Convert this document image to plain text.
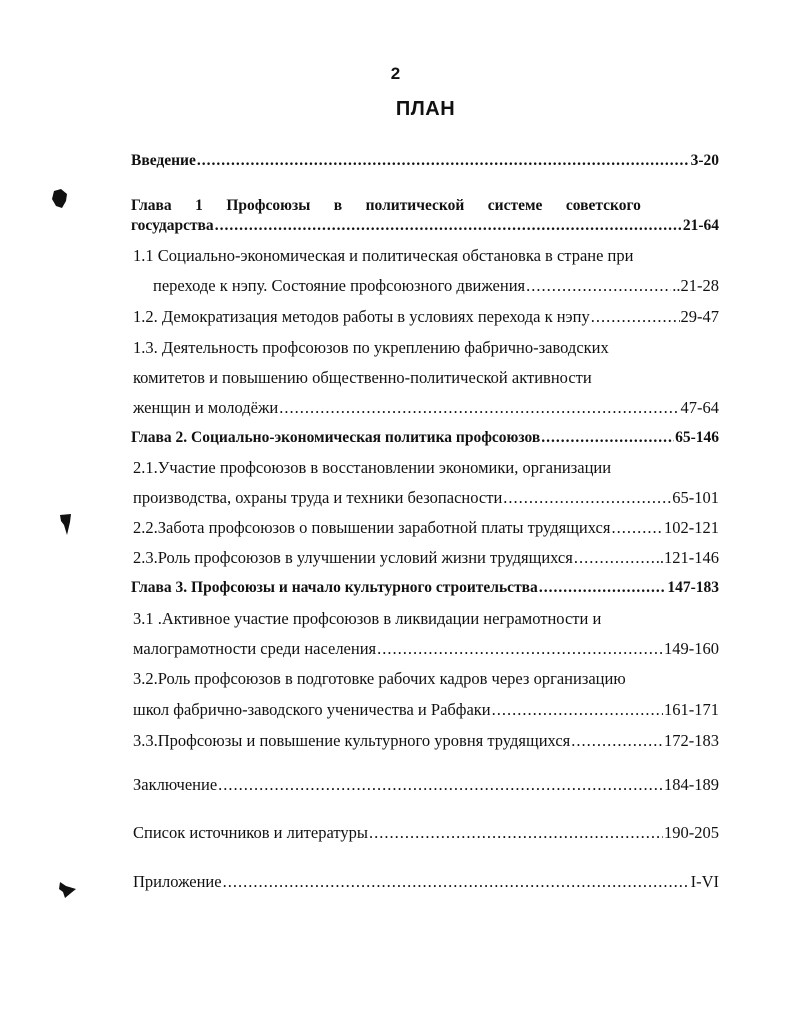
2
ПЛАН
Введение .....	3-20
Глава 1 Профсоюзы в политической системе советского
государства .....	21-64
1.1 Социально-экономическая и политическая обстановка в стране при
переходе к нэпу. Состояние профсоюзного движения .....	..21-28
1.2. Демократизация методов работы в условиях перехода к нэпу .....	29-47
1.3. Деятельность профсоюзов по укреплению фабрично-заводских
комитетов и повышению общественно-политической активности
женщин и молодёжи .....	47-64
Глава 2. Социально-экономическая политика профсоюзов .....	65-146
2.1.Участие профсоюзов в восстановлении экономики, организации
производства, охраны труда и техники безопасности .....	65-101
2.2.Забота профсоюзов о повышении заработной платы трудящихся .....	102-121
2.3.Роль профсоюзов в улучшении условий жизни трудящихся .....	..121-146
Глава 3. Профсоюзы и начало культурного строительства .....	147-183
3.1 .Активное участие профсоюзов в ликвидации неграмотности и
малограмотности среди населения .....	149-160
3.2.Роль профсоюзов в подготовке рабочих кадров через организацию
школ фабрично-заводского ученичества и Рабфаки .....	161-171
3.3.Профсоюзы и повышение культурного уровня трудящихся .....	172-183
Заключение .....	184-189
Список источников и литературы .....	190-205
Приложение .....	I-VI
